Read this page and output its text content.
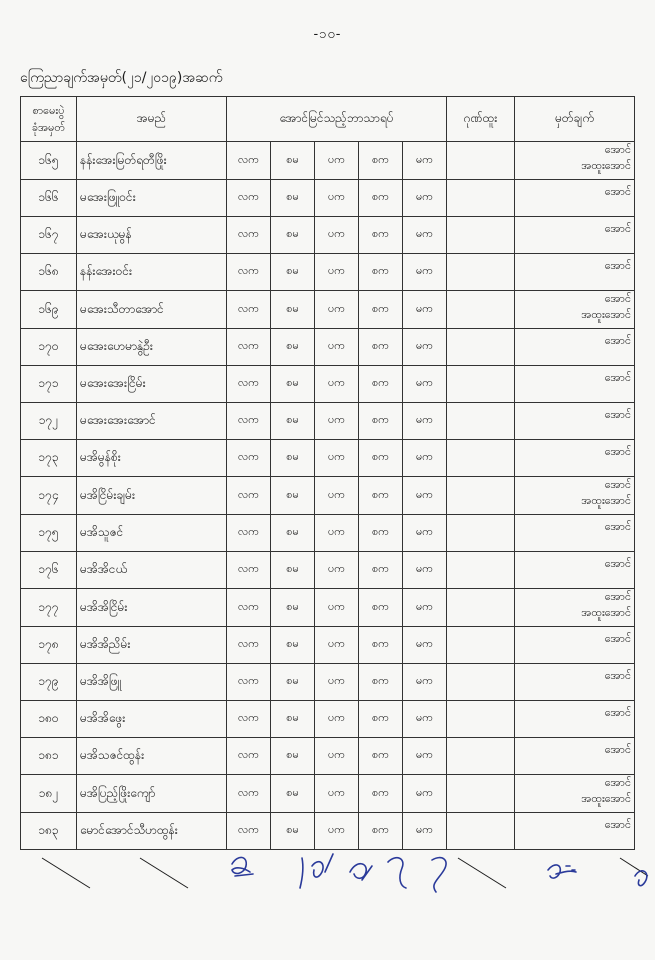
-၁၀-
ကြေညာချက်အမှတ်(၂၁/၂၀၁၉)အဆက်
စာမေးပွဲ
ခုံအမှတ်	အမည်	အောင်မြင်သည့်ဘာသာရပ်					ဂုဏ်ထူး	မှတ်ချက်
၁၆၅	နန်းအေးမြတ်ရတီဖြိုး	လက	စမ	ပက	စက	မက		အောင်
အထူးအောင်

၁၆၆	မအေးဖြူဝင်း	လက	စမ	ပက	စက	မက		အောင်
၁၆၇	မအေးယုမွန်	လက	စမ	ပက	စက	မက		အောင်
၁၆၈	နန်းအေးဝင်း	လက	စမ	ပက	စက	မက		အောင်
၁၆၉	မအေးသီတာအောင်	လက	စမ	ပက	စက	မက		အောင်
အထူးအောင်

၁၇၀	မအေးဟေမာနွဲဦး	လက	စမ	ပက	စက	မက		အောင်
၁၇၁	မအေးအေးငြိမ်း	လက	စမ	ပက	စက	မက		အောင်
၁၇၂	မအေးအေးအောင်	လက	စမ	ပက	စက	မက		အောင်
၁၇၃	မအိမွန်စိုး	လက	စမ	ပက	စက	မက		အောင်
၁၇၄	မအိငြိမ်းချမ်း	လက	စမ	ပက	စက	မက		အောင်
အထူးအောင်

၁၇၅	မအိသူဇင်	လက	စမ	ပက	စက	မက		အောင်
၁၇၆	မအိအိငယ်	လက	စမ	ပက	စက	မက		အောင်
၁၇၇	မအိအိငြိမ်း	လက	စမ	ပက	စက	မက		အောင်
အထူးအောင်

၁၇၈	မအိအိညိမ်း	လက	စမ	ပက	စက	မက		အောင်
၁၇၉	မအိအိဖြူ	လက	စမ	ပက	စက	မက		အောင်
၁၈၀	မအိအိဖွေး	လက	စမ	ပက	စက	မက		အောင်
၁၈၁	မအိသဇင်ထွန်း	လက	စမ	ပက	စက	မက		အောင်
၁၈၂	မအိပြည့်ဖြိုးကျော်	လက	စမ	ပက	စက	မက		အောင်
အထူးအောင်

၁၈၃	မောင်အောင်သီဟထွန်း	လက	စမ	ပက	စက	မက		အောင်
